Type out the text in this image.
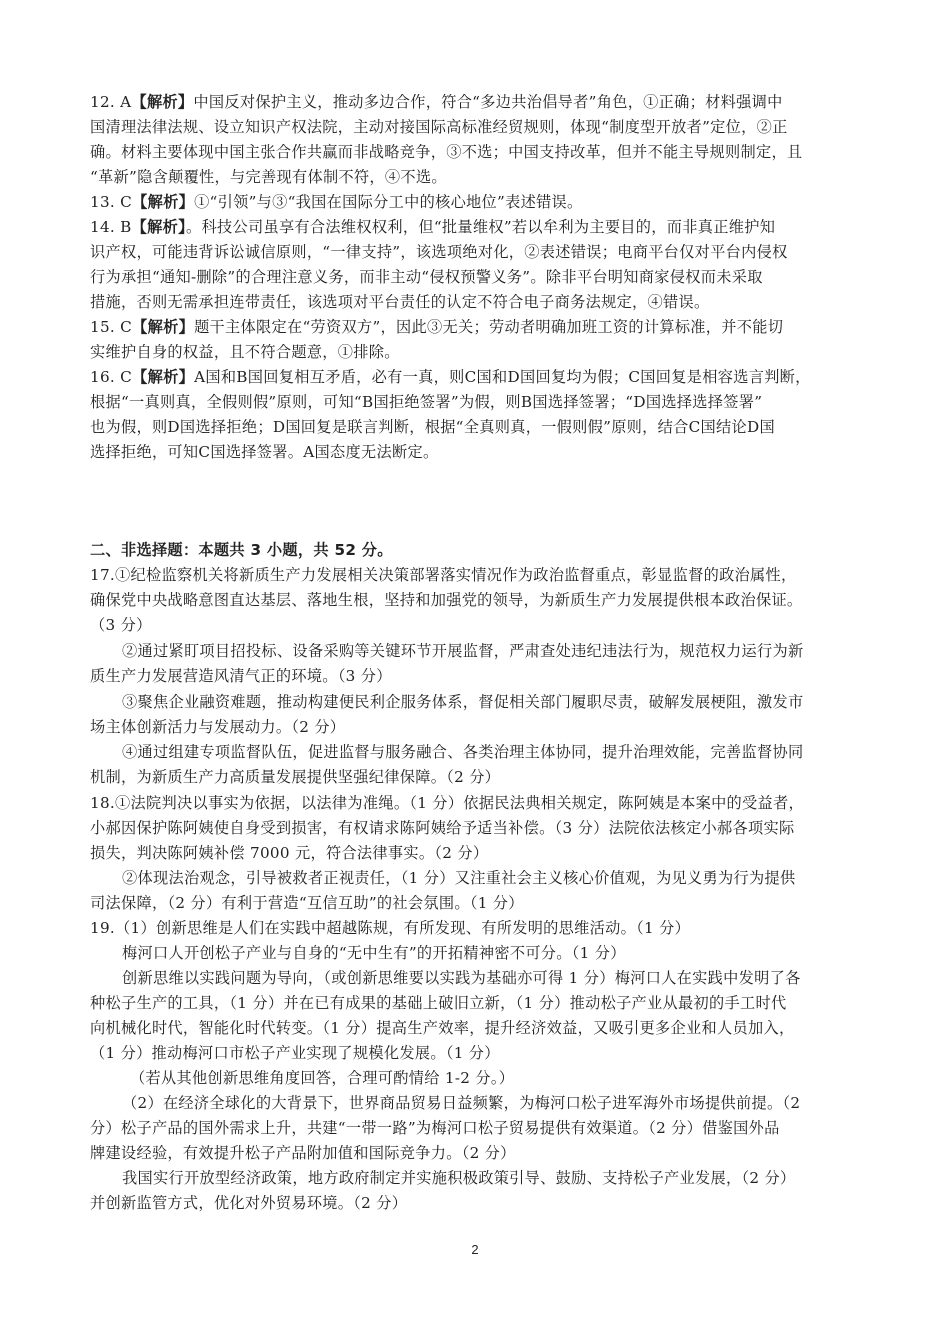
12. A【解析】中国反对保护主义，推动多边合作，符合“多边共治倡导者”角色，①正确；材料强调中
国清理法律法规、设立知识产权法院，主动对接国际高标准经贸规则，体现“制度型开放者”定位，②正
确。材料主要体现中国主张合作共赢而非战略竞争，③不选；中国支持改革，但并不能主导规则制定，且
“革新”隐含颠覆性，与完善现有体制不符，④不选。
13. C【解析】①“引领”与③“我国在国际分工中的核心地位”表述错误。
14. B【解析】。科技公司虽享有合法维权权利，但“批量维权”若以牟利为主要目的，而非真正维护知
识产权，可能违背诉讼诚信原则，“一律支持”，该选项绝对化，②表述错误；电商平台仅对平台内侵权
行为承担“通知-删除”的合理注意义务，而非主动“侵权预警义务”。除非平台明知商家侵权而未采取
措施，否则无需承担连带责任，该选项对平台责任的认定不符合电子商务法规定，④错误。
15. C【解析】题干主体限定在“劳资双方”，因此③无关；劳动者明确加班工资的计算标准，并不能切
实维护自身的权益，且不符合题意，①排除。
16. C【解析】A国和B国回复相互矛盾，必有一真，则C国和D国回复均为假；C国回复是相容选言判断，
根据“一真则真，全假则假”原则，可知“B国拒绝签署”为假，则B国选择签署；“D国选择选择签署”
也为假，则D国选择拒绝；D国回复是联言判断，根据“全真则真，一假则假”原则，结合C国结论D国
选择拒绝，可知C国选择签署。A国态度无法断定。
二、非选择题：本题共 3 小题，共 52 分。
17.①纪检监察机关将新质生产力发展相关决策部署落实情况作为政治监督重点，彰显监督的政治属性，
确保党中央战略意图直达基层、落地生根，坚持和加强党的领导，为新质生产力发展提供根本政治保证。
（3 分）
②通过紧盯项目招投标、设备采购等关键环节开展监督，严肃查处违纪违法行为，规范权力运行为新
质生产力发展营造风清气正的环境。（3 分）
③聚焦企业融资难题，推动构建便民利企服务体系，督促相关部门履职尽责，破解发展梗阻，激发市
场主体创新活力与发展动力。（2 分）
④通过组建专项监督队伍，促进监督与服务融合、各类治理主体协同，提升治理效能，完善监督协同
机制，为新质生产力高质量发展提供坚强纪律保障。（2 分）
18.①法院判决以事实为依据，以法律为准绳。（1 分）依据民法典相关规定，陈阿姨是本案中的受益者，
小郝因保护陈阿姨使自身受到损害，有权请求陈阿姨给予适当补偿。（3 分）法院依法核定小郝各项实际
损失，判决陈阿姨补偿 7000 元，符合法律事实。（2 分）
②体现法治观念，引导被救者正视责任，（1 分）又注重社会主义核心价值观，为见义勇为行为提供
司法保障，（2 分）有利于营造“互信互助”的社会氛围。（1 分）
19.（1）创新思维是人们在实践中超越陈规，有所发现、有所发明的思维活动。（1 分）
梅河口人开创松子产业与自身的“无中生有”的开拓精神密不可分。（1 分）
创新思维以实践问题为导向，（或创新思维要以实践为基础亦可得 1 分）梅河口人在实践中发明了各
种松子生产的工具，（1 分）并在已有成果的基础上破旧立新，（1 分）推动松子产业从最初的手工时代
向机械化时代，智能化时代转变。（1 分）提高生产效率，提升经济效益，又吸引更多企业和人员加入，
（1 分）推动梅河口市松子产业实现了规模化发展。（1 分）
（若从其他创新思维角度回答，合理可酌情给 1-2 分。）
（2）在经济全球化的大背景下，世界商品贸易日益频繁，为梅河口松子进军海外市场提供前提。（2
分）松子产品的国外需求上升，共建“一带一路”为梅河口松子贸易提供有效渠道。（2 分）借鉴国外品
牌建设经验，有效提升松子产品附加值和国际竞争力。（2 分）
我国实行开放型经济政策，地方政府制定并实施积极政策引导、鼓励、支持松子产业发展，（2 分）
并创新监管方式，优化对外贸易环境。（2 分）
2
